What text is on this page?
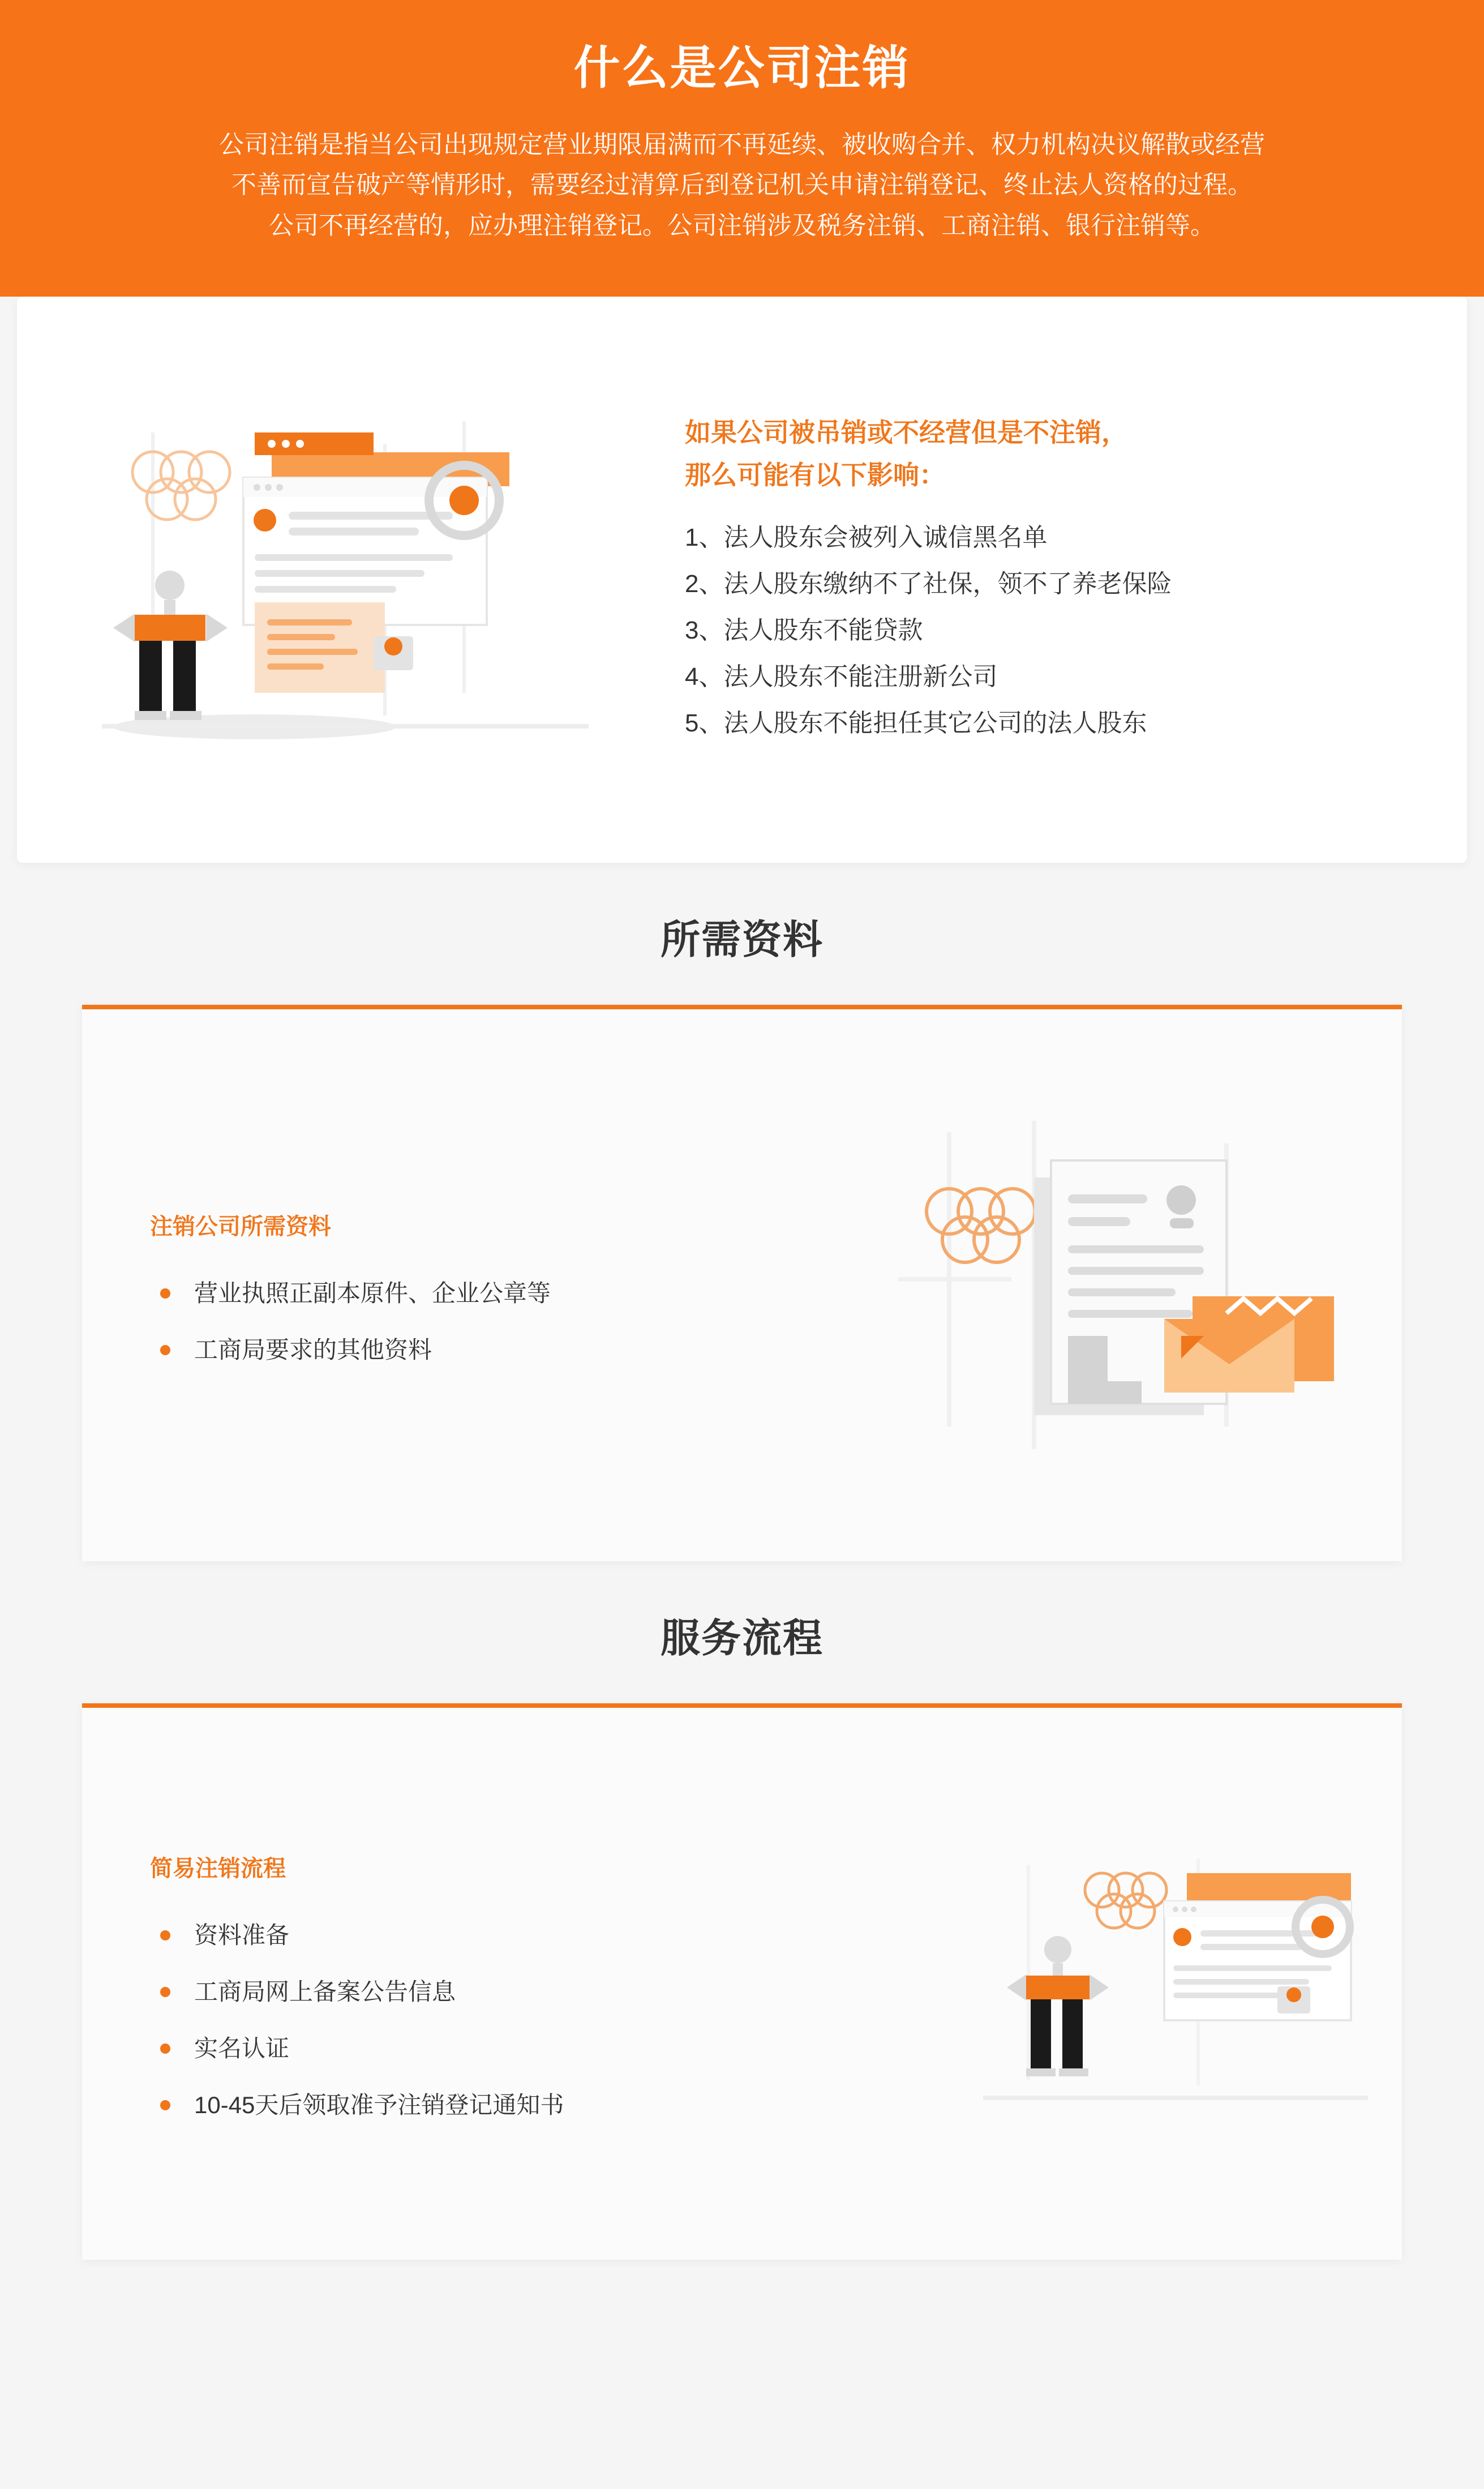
什么是公司注销

公司注销是指当公司出现规定营业期限届满而不再延续、被收购合并、权力机构决议解散或经营

不善而宣告破产等情形时，需要经过清算后到登记机关申请注销登记、终止法人资格的过程。

公司不再经营的，应办理注销登记。公司注销涉及税务注销、工商注销、银行注销等。

如果公司被吊销或不经营但是不注销，

那么可能有以下影响：

1、法人股东会被列入诚信黑名单
2、法人股东缴纳不了社保，领不了养老保险
3、法人股东不能贷款
4、法人股东不能注册新公司
5、法人股东不能担任其它公司的法人股东
所需资料
注销公司所需资料
营业执照正副本原件、企业公章等
工商局要求的其他资料
服务流程
简易注销流程
资料准备
工商局网上备案公告信息
实名认证
10-45天后领取准予注销登记通知书
